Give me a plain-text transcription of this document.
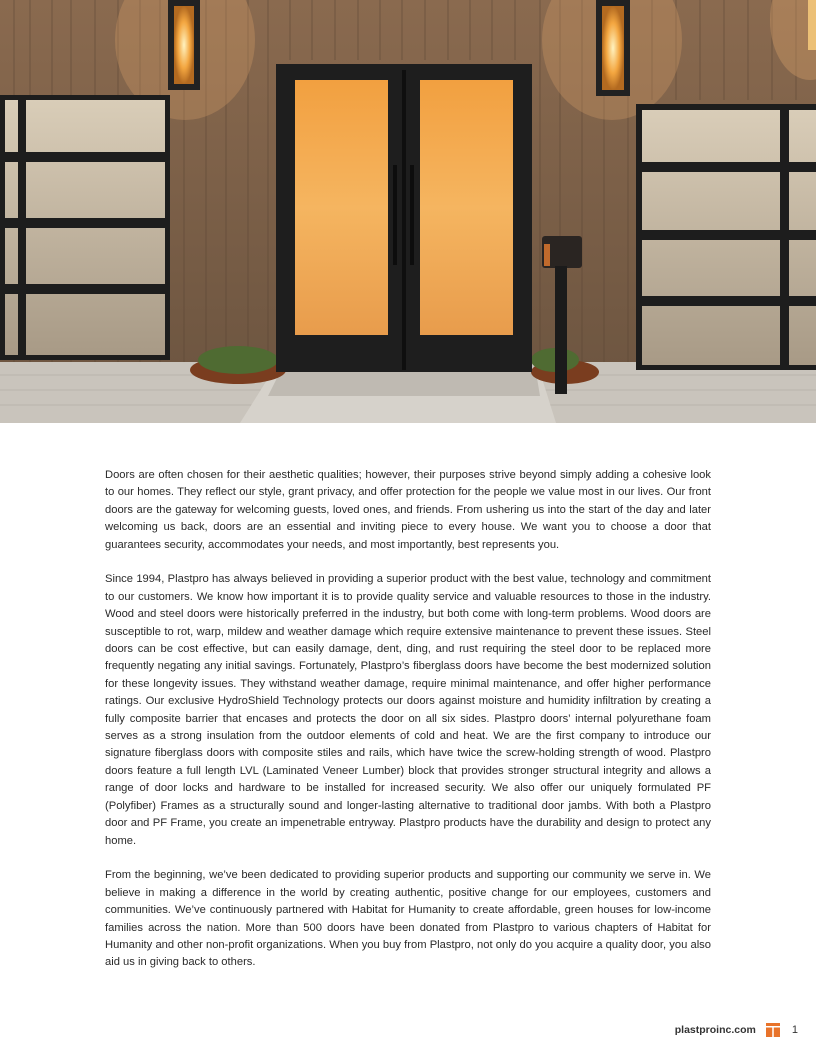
Doors are often chosen for their aesthetic qualities; however, their purposes strive beyond simply adding a cohesive look to our homes. They reflect our style, grant privacy, and offer protection for the people we value most in our lives. Our front doors are the gateway for welcoming guests, loved ones, and friends. From ushering us into the start of the day and later welcoming us back, doors are an essential and inviting piece to every house. We want you to choose a door that guarantees security, accommodates your needs, and most importantly, best represents you.

Since 1994, Plastpro has always believed in providing a superior product with the best value, technology and commitment to our customers. We know how important it is to provide quality service and valuable resources to those in the industry. Wood and steel doors were historically preferred in the industry, but both come with long-term problems. Wood doors are susceptible to rot, warp, mildew and weather damage which require extensive maintenance to prevent these issues. Steel doors can be cost effective, but can easily damage, dent, ding, and rust requiring the steel door to be replaced more frequently negating any initial savings. Fortunately, Plastpro’s fiberglass doors have become the best modernized solution for these longevity issues. They withstand weather damage, require minimal maintenance, and offer higher performance ratings. Our exclusive HydroShield Technology protects our doors against moisture and humidity infiltration by creating a fully composite barrier that encases and protects the door on all six sides. Plastpro doors’ internal polyurethane foam serves as a strong insulation from the outdoor elements of cold and heat. We are the first company to introduce our signature fiberglass doors with composite stiles and rails, which have twice the screw-holding strength of wood. Plastpro doors feature a full length LVL (Laminated Veneer Lumber) block that provides stronger structural integrity and allows a range of door locks and hardware to be installed for increased security. We also offer our uniquely formulated PF (Polyfiber) Frames as a structurally sound and longer-lasting alternative to traditional door jambs. With both a Plastpro door and PF Frame, you create an impenetrable entryway. Plastpro products have the durability and design to protect any home.

From the beginning, we’ve been dedicated to providing superior products and supporting our community we serve in. We believe in making a difference in the world by creating authentic, positive change for our employees, customers and communities. We’ve continuously partnered with Habitat for Humanity to create affordable, green houses for low-income families across the nation. More than 500 doors have been donated from Plastpro to various chapters of Habitat for Humanity and other non-profit organizations. When you buy from Plastpro, not only do you acquire a quality door, you also aid us in giving back to others.

plastproinc.com	1
